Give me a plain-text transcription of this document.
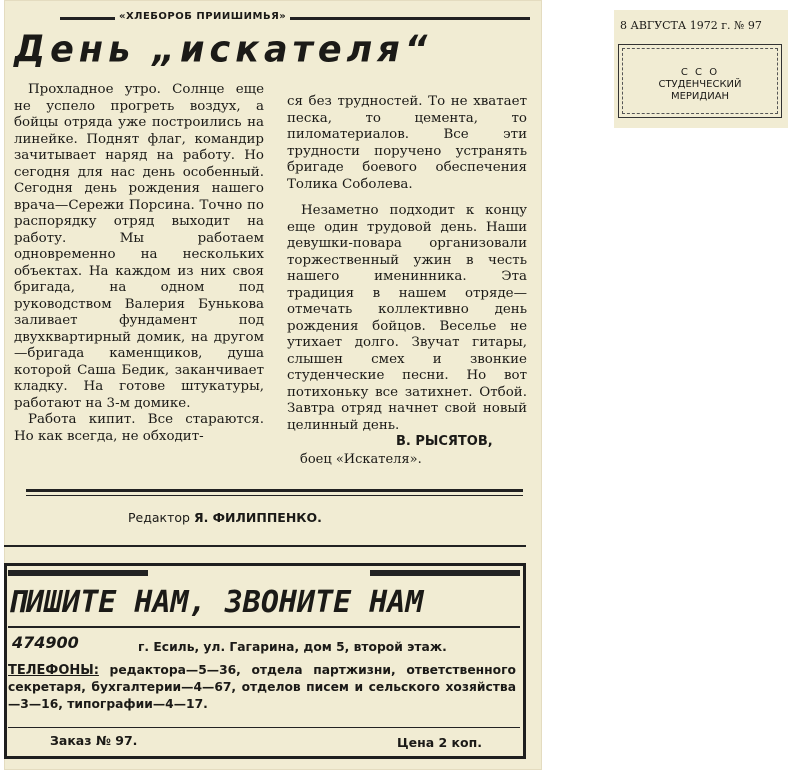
8 АВГУСТА 1972 г. № 97
С С О
СТУДЕНЧЕСКИЙ
МЕРИДИАН
«ХЛЕБОРОБ ПРИИШИМЬЯ»
День „искателя“

Прохладное утро. Солнце еще не успело прогреть воздух, а бойцы отряда уже построились на линейке. Поднят флаг, командир зачитывает наряд на работу. Но сегодня для нас день особенный. Сегодня день рождения нашего врача—Сережи Порсина. Точно по распорядку отряд выходит на работу. Мы работаем одновременно на нескольких объектах. На каждом из них своя бригада, на одном под руководством Валерия Бунькова заливает фундамент под двухквартирный домик, на другом—бригада каменщиков, душа которой Саша Бедик, заканчивает кладку. На готове штукатуры, работают на 3-м домике.

Работа кипит. Все стараются. Но как всегда, не обходит-

ся без трудностей. То не хватает песка, то цемента, то пиломатериалов. Все эти трудности поручено устранять бригаде боевого обеспечения Толика Соболева.

Незаметно подходит к концу еще один трудовой день. Наши девушки-повара организовали торжественный ужин в честь нашего именинника. Эта традиция в нашем отряде—отмечать коллективно день рождения бойцов. Веселье не утихает долго. Звучат гитары, слышен смех и звонкие студенческие песни. Но вот потихоньку все затихнет. Отбой. Завтра отряд начнет свой новый целинный день.

В. РЫСЯТОВ,
боец «Искателя».
Редактор Я. ФИЛИППЕНКО.
ПИШИТЕ НАМ, ЗВОНИТЕ НАМ
474900	г. Есиль, ул. Гагарина, дом 5, второй этаж.
ТЕЛЕФОНЫ: редактора—5—36, отдела партжизни, ответственного секретаря, бухгалтерии—4—67, отделов писем и сельского хозяйства—3—16, типографии—4—17.
Заказ № 97.	Цена 2 коп.
